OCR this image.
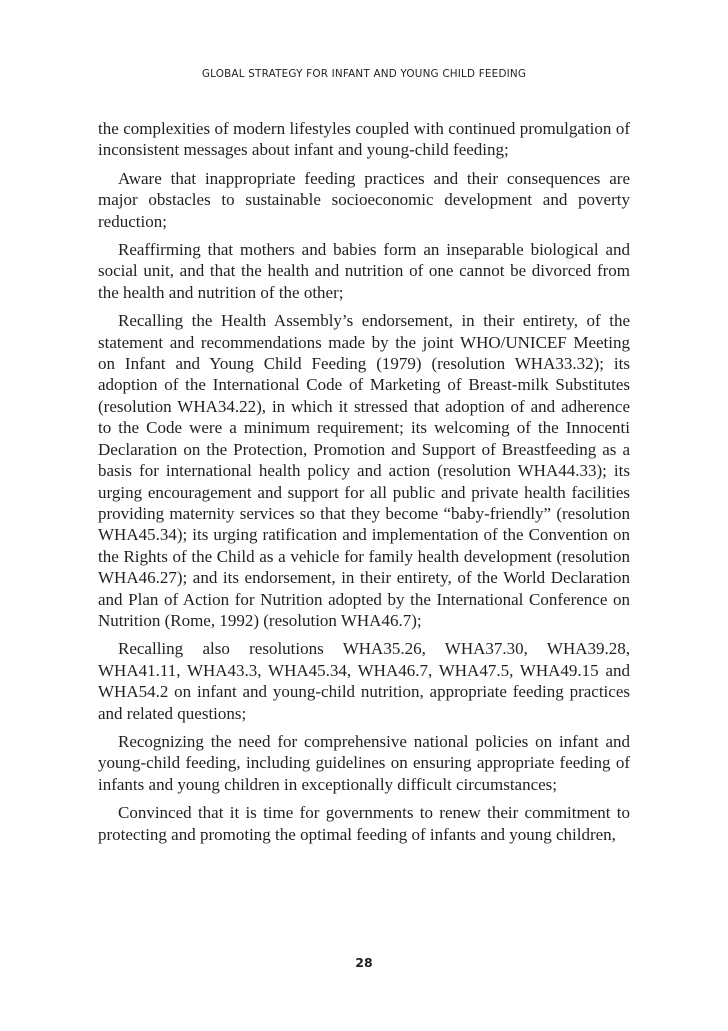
GLOBAL STRATEGY FOR INFANT AND YOUNG CHILD FEEDING

the complexities of modern lifestyles coupled with continued promulgation of inconsistent messages about infant and young-child feeding;

Aware that inappropriate feeding practices and their consequences are major obstacles to sustainable socioeconomic development and poverty reduction;

Reaffirming that mothers and babies form an inseparable biological and social unit, and that the health and nutrition of one cannot be divorced from the health and nutrition of the other;

Recalling the Health Assembly’s endorsement, in their entirety, of the statement and recommendations made by the joint WHO/UNICEF Meeting on Infant and Young Child Feeding (1979) (resolution WHA33.32); its adoption of the International Code of Marketing of Breast-milk Substitutes (resolution WHA34.22), in which it stressed that adoption of and adherence to the Code were a minimum requirement; its welcoming of the Innocenti Declaration on the Protection, Promotion and Support of Breastfeeding as a basis for international health policy and action (resolution WHA44.33); its urging encouragement and support for all public and private health facilities providing maternity services so that they become “baby-friendly” (resolution WHA45.34); its urging ratification and implementation of the Convention on the Rights of the Child as a vehicle for family health development (resolution WHA46.27); and its endorsement, in their entirety, of the World Declaration and Plan of Action for Nutrition adopted by the International Conference on Nutrition (Rome, 1992) (resolution WHA46.7);

Recalling also resolutions WHA35.26, WHA37.30, WHA39.28, WHA41.11, WHA43.3, WHA45.34, WHA46.7, WHA47.5, WHA49.15 and WHA54.2 on infant and young-child nutrition, appropriate feeding practices and related questions;

Recognizing the need for comprehensive national policies on infant and young-child feeding, including guidelines on ensuring appropriate feeding of infants and young children in exceptionally difficult circumstances;

Convinced that it is time for governments to renew their commitment to protecting and promoting the optimal feeding of infants and young children,

28
